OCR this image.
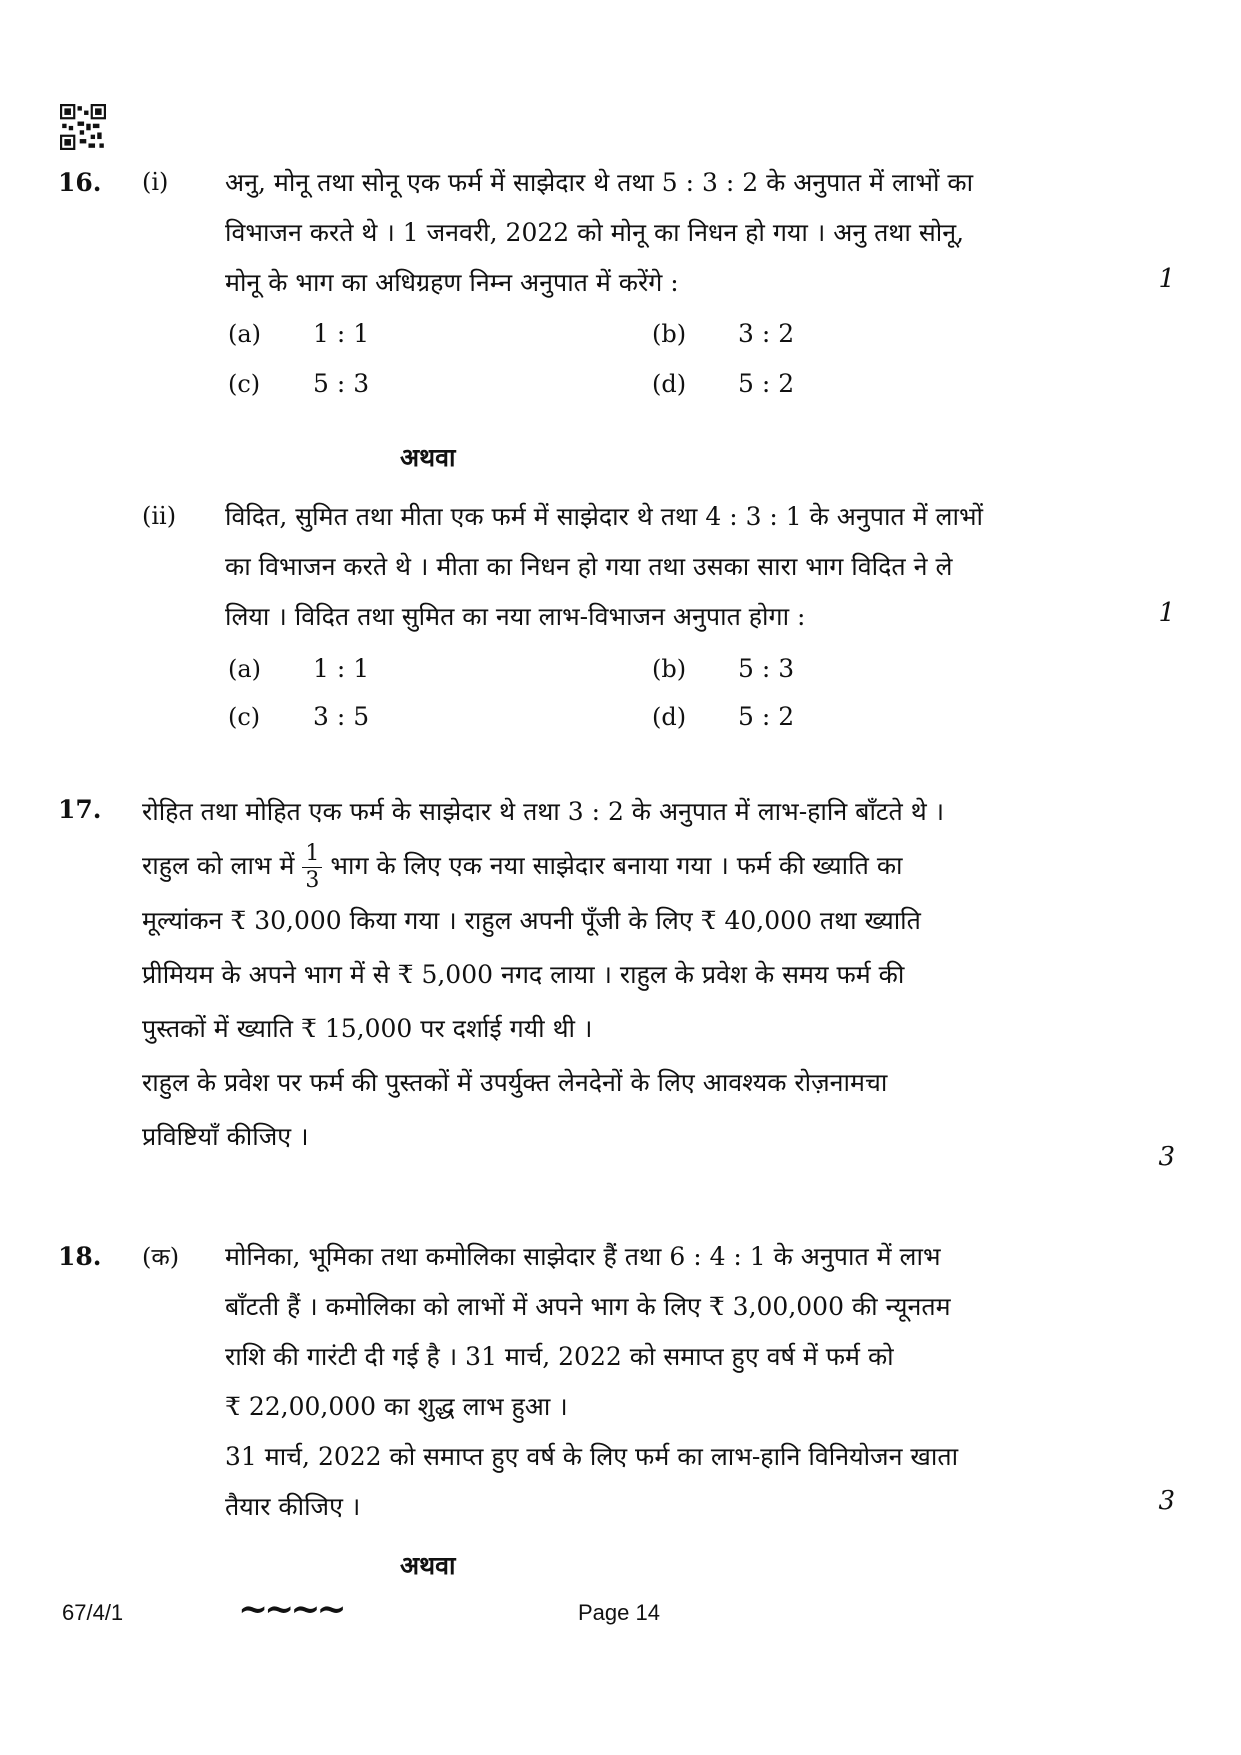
16. (i) अनु, मोनू तथा सोनू एक फर्म में साझेदार थे तथा 5 : 3 : 2 के अनुपात में लाभों का
विभाजन करते थे । 1 जनवरी, 2022 को मोनू का निधन हो गया । अनु तथा सोनू,
मोनू के भाग का अधिग्रहण निम्न अनुपात में करेंगे :	1
(a) 1 : 1	(b) 3 : 2
(c) 5 : 3	(d) 5 : 2
अथवा
(ii) विदित, सुमित तथा मीता एक फर्म में साझेदार थे तथा 4 : 3 : 1 के अनुपात में लाभों
का विभाजन करते थे । मीता का निधन हो गया तथा उसका सारा भाग विदित ने ले
लिया । विदित तथा सुमित का नया लाभ-विभाजन अनुपात होगा :	1
(a) 1 : 1	(b) 5 : 3
(c) 3 : 5	(d) 5 : 2
17. रोहित तथा मोहित एक फर्म के साझेदार थे तथा 3 : 2 के अनुपात में लाभ-हानि बाँटते थे ।
राहुल को लाभ में $\frac{1}{3}$ भाग के लिए एक नया साझेदार बनाया गया । फर्म की ख्याति का
मूल्यांकन ₹ 30,000 किया गया । राहुल अपनी पूँजी के लिए ₹ 40,000 तथा ख्याति
प्रीमियम के अपने भाग में से ₹ 5,000 नगद लाया । राहुल के प्रवेश के समय फर्म की
पुस्तकों में ख्याति ₹ 15,000 पर दर्शाई गयी थी ।
राहुल के प्रवेश पर फर्म की पुस्तकों में उपर्युक्त लेनदेनों के लिए आवश्यक रोज़नामचा
प्रविष्टियाँ कीजिए ।
3
18. (क) मोनिका, भूमिका तथा कमोलिका साझेदार हैं तथा 6 : 4 : 1 के अनुपात में लाभ
बाँटती हैं । कमोलिका को लाभों में अपने भाग के लिए ₹ 3,00,000 की न्यूनतम
राशि की गारंटी दी गई है । 31 मार्च, 2022 को समाप्त हुए वर्ष में फर्म को
₹ 22,00,000 का शुद्ध लाभ हुआ ।
31 मार्च, 2022 को समाप्त हुए वर्ष के लिए फर्म का लाभ-हानि विनियोजन खाता
तैयार कीजिए ।	3
अथवा
67/4/1	~~~~	Page 14
